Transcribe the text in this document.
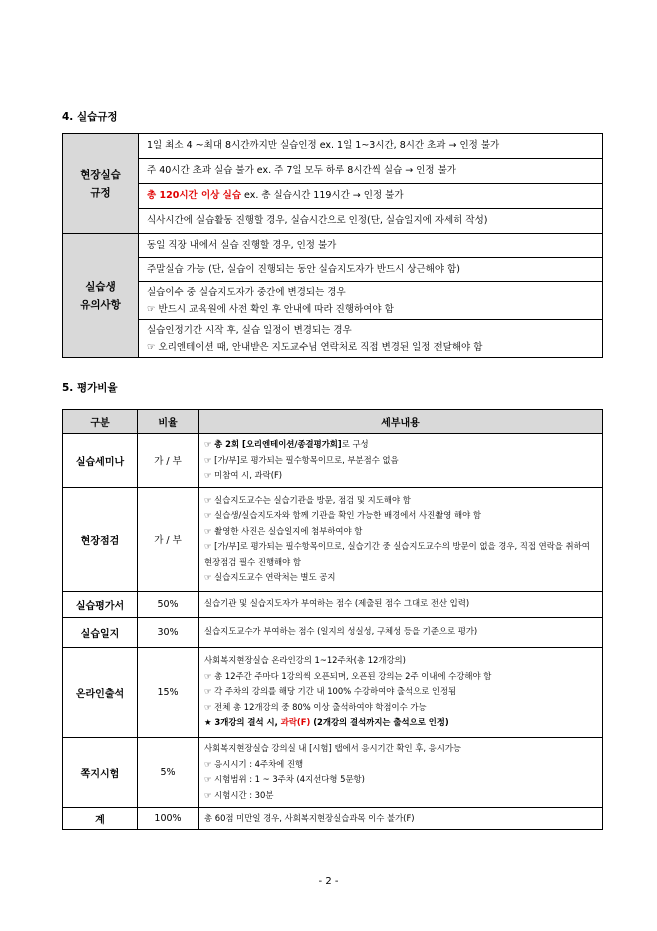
4. 실습규정
현장실습
규정	1일 최소 4 ~최대 8시간까지만 실습인정 ex. 1일 1~3시간, 8시간 초과 → 인정 불가
	주 40시간 초과 실습 불가 ex. 주 7일 모두 하루 8시간씩 실습 → 인정 불가
	총 120시간 이상 실습 ex. 총 실습시간 119시간 → 인정 불가
	식사시간에 실습활동 진행할 경우, 실습시간으로 인정(단, 실습일지에 자세히 작성)

실습생
유의사항	동일 직장 내에서 실습 진행할 경우, 인정 불가
	주말실습 가능 (단, 실습이 진행되는 동안 실습지도자가 반드시 상근해야 함)

	실습이수 중 실습지도자가 중간에 변경되는 경우
☞ 반드시 교육원에 사전 확인 후 안내에 따라 진행하여야 함

	실습인정기간 시작 후, 실습 일정이 변경되는 경우
☞ 오리엔테이션 때, 안내받은 지도교수님 연락처로 직접 변경된 일정 전달해야 함
5. 평가비율
구분	비율	세부내용
실습세미나	가 / 부	☞ 총 2회 [오리엔테이션/종결평가회]로 구성
☞ [가/부]로 평가되는 필수항목이므로, 부분점수 없음
☞ 미참여 시, 과락(F)

현장점검	가 / 부	☞ 실습지도교수는 실습기관을 방문, 점검 및 지도해야 함
☞ 실습생/실습지도자와 함께 기관을 확인 가능한 배경에서 사진촬영 해야 함
☞ 촬영한 사진은 실습일지에 첨부하여야 함
☞ [가/부]로 평가되는 필수항목이므로, 실습기간 중 실습지도교수의 방문이 없을 경우, 직접 연락을 취하여 현장점검 필수 진행해야 함
☞ 실습지도교수 연락처는 별도 공지

실습평가서	50%	실습기관 및 실습지도자가 부여하는 점수 (제출된 점수 그대로 전산 입력)

실습일지	30%	실습지도교수가 부여하는 점수 (일지의 성실성, 구체성 등을 기준으로 평가)

온라인출석	15%	사회복지현장실습 온라인강의 1~12주차(총 12개강의)
☞ 총 12주간 주마다 1강의씩 오픈되며, 오픈된 강의는 2주 이내에 수강해야 함
☞ 각 주차의 강의를 해당 기간 내 100% 수강하여야 출석으로 인정됨
☞ 전체 총 12개강의 중 80% 이상 출석하여야 학점이수 가능
★ 3개강의 결석 시, 과락(F) (2개강의 결석까지는 출석으로 인정)

쪽지시험	5%	사회복지현장실습 강의실 내 [시험] 탭에서 응시기간 확인 후, 응시가능
☞ 응시시기 : 4주차에 진행
☞ 시험범위 : 1 ~ 3주차 (4지선다형 5문항)
☞ 시험시간 : 30분

계	100%	총 60점 미만일 경우, 사회복지현장실습과목 이수 불가(F)
- 2 -
